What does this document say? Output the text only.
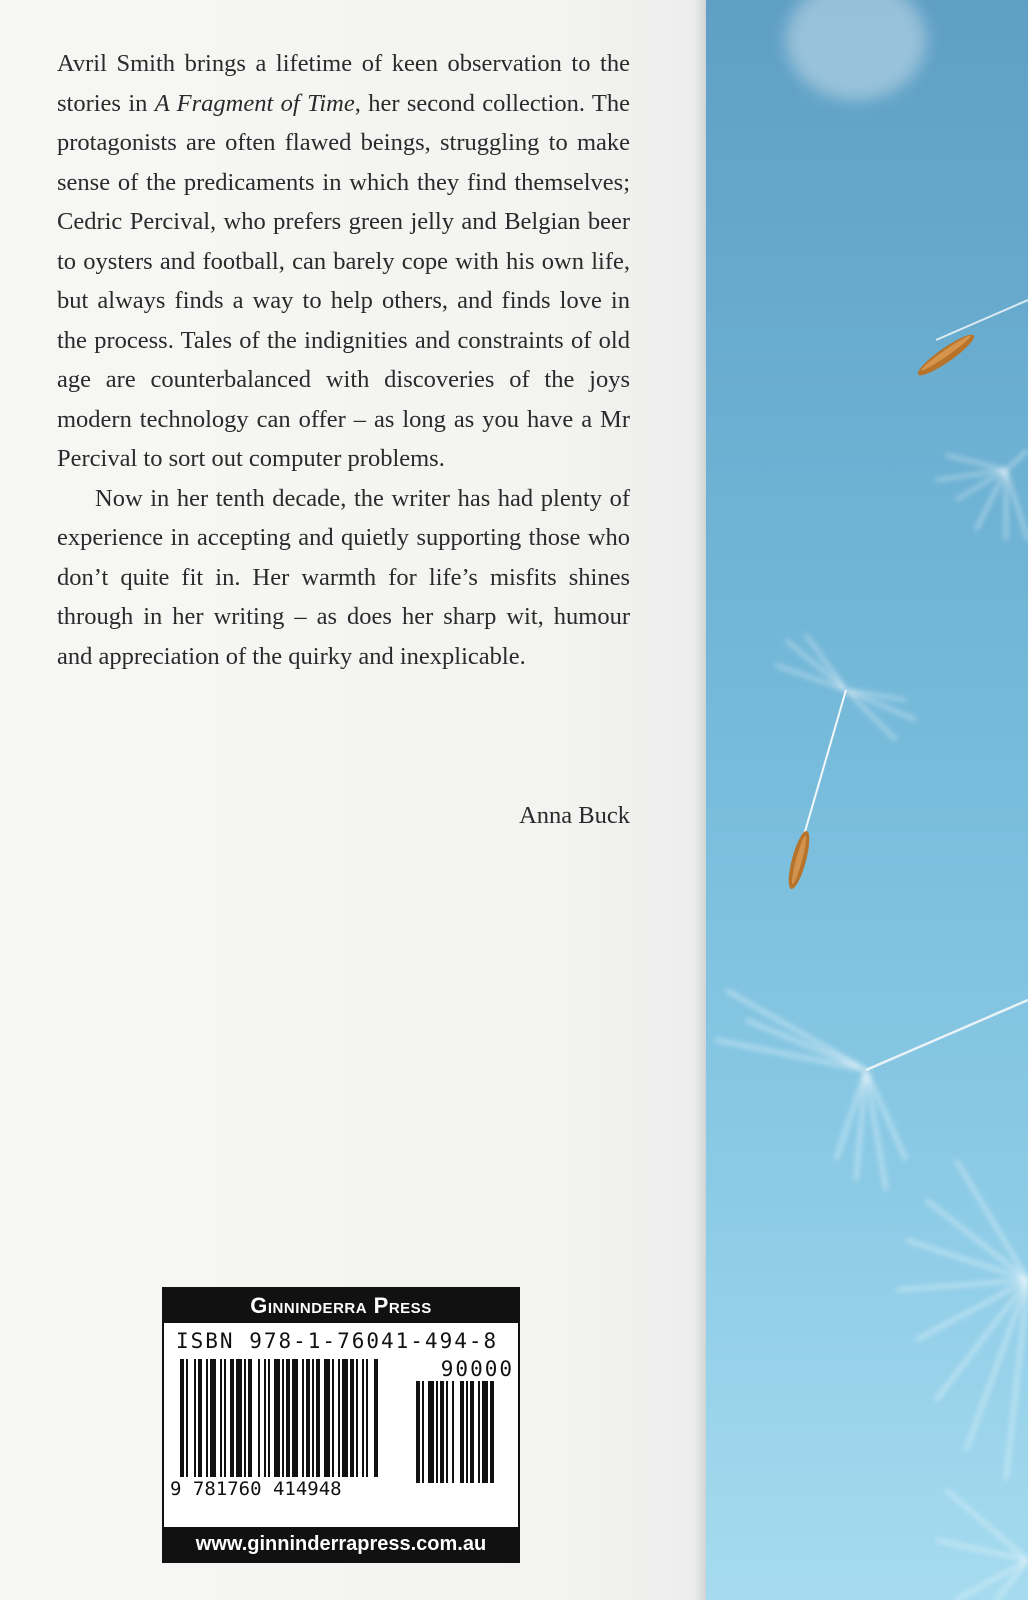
Avril Smith brings a lifetime of keen observation to the stories in A Fragment of Time, her second collection. The protagonists are often flawed beings, struggling to make sense of the predicaments in which they find themselves; Cedric Percival, who prefers green jelly and Belgian beer to oysters and football, can barely cope with his own life, but always finds a way to help others, and finds love in the process. Tales of the indignities and constraints of old age are counterbalanced with discoveries of the joys modern technology can offer – as long as you have a Mr Percival to sort out computer problems.

Now in her tenth decade, the writer has had plenty of experience in accepting and quietly supporting those who don’t quite fit in. Her warmth for life’s misfits shines through in her writing – as does her sharp wit, humour and appreciation of the quirky and inexplicable.

Anna Buck
Ginninderra Press
ISBN 978-1-76041-494-8
90000
9 781760 414948
www.ginninderrapress.com.au
